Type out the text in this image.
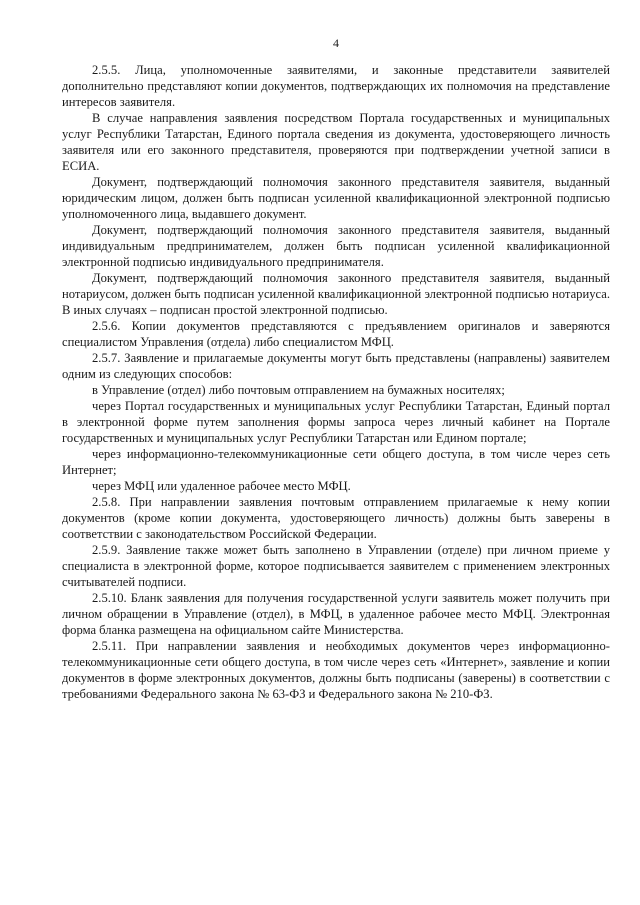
4

2.5.5. Лица, уполномоченные заявителями, и законные представители заявителей дополнительно представляют копии документов, подтверждающих их полномочия на представление интересов заявителя.

В случае направления заявления посредством Портала государственных и муниципальных услуг Республики Татарстан, Единого портала сведения из документа, удостоверяющего личность заявителя или его законного представителя, проверяются при подтверждении учетной записи в ЕСИА.

Документ, подтверждающий полномочия законного представителя заявителя, выданный юридическим лицом, должен быть подписан усиленной квалификационной электронной подписью уполномоченного лица, выдавшего документ.

Документ, подтверждающий полномочия законного представителя заявителя, выданный индивидуальным предпринимателем, должен быть подписан усиленной квалификационной электронной подписью индивидуального предпринимателя.

Документ, подтверждающий полномочия законного представителя заявителя, выданный нотариусом, должен быть подписан усиленной квалификационной электронной подписью нотариуса. В иных случаях – подписан простой электронной подписью.

2.5.6. Копии документов представляются с предъявлением оригиналов и заверяются специалистом Управления (отдела) либо специалистом МФЦ.

2.5.7. Заявление и прилагаемые документы могут быть представлены (направлены) заявителем одним из следующих способов:

в Управление (отдел) либо почтовым отправлением на бумажных носителях;

через Портал государственных и муниципальных услуг Республики Татарстан, Единый портал в электронной форме путем заполнения формы запроса через личный кабинет на Портале государственных и муниципальных услуг Республики Татарстан или Едином портале;

через информационно-телекоммуникационные сети общего доступа, в том числе через сеть Интернет;

через МФЦ или удаленное рабочее место МФЦ.

2.5.8. При направлении заявления почтовым отправлением прилагаемые к нему копии документов (кроме копии документа, удостоверяющего личность) должны быть заверены в соответствии с законодательством Российской Федерации.

2.5.9. Заявление также может быть заполнено в Управлении (отделе) при личном приеме у специалиста в электронной форме, которое подписывается заявителем с применением электронных считывателей подписи.

2.5.10. Бланк заявления для получения государственной услуги заявитель может получить при личном обращении в Управление (отдел), в МФЦ, в удаленное рабочее место МФЦ. Электронная форма бланка размещена на официальном сайте Министерства.

2.5.11. При направлении заявления и необходимых документов через информационно-телекоммуникационные сети общего доступа, в том числе через сеть «Интернет», заявление и копии документов в форме электронных документов, должны быть подписаны (заверены) в соответствии с требованиями Федерального закона № 63-ФЗ и Федерального закона № 210-ФЗ.
